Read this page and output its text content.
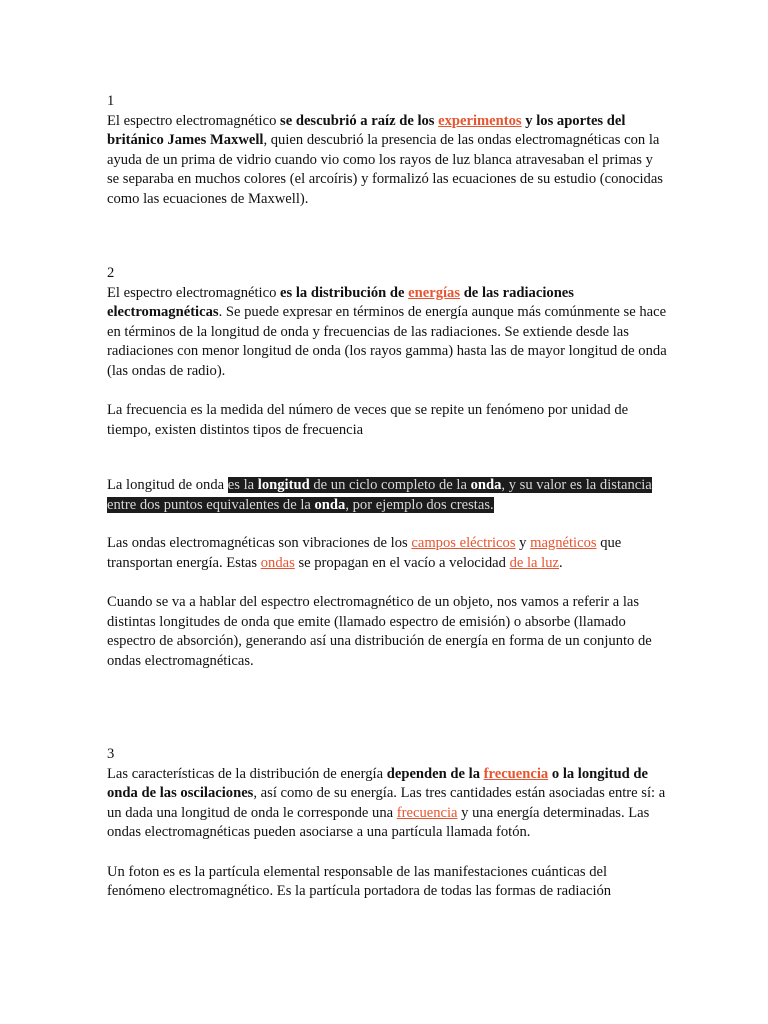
1

El espectro electromagnético se descubrió a raíz de los experimentos y los aportes del británico James Maxwell, quien descubrió la presencia de las ondas electromagnéticas con la ayuda de un prima de vidrio cuando vio como los rayos de luz blanca atravesaban el primas y se separaba en muchos colores (el arcoíris) y formalizó las ecuaciones de su estudio (conocidas como las ecuaciones de Maxwell).

2

El espectro electromagnético es la distribución de energías de las radiaciones electromagnéticas. Se puede expresar en términos de energía aunque más comúnmente se hace en términos de la longitud de onda y frecuencias de las radiaciones. Se extiende desde las radiaciones con menor longitud de onda (los rayos gamma) hasta las de mayor longitud de onda (las ondas de radio).

La frecuencia es la medida del número de veces que se repite un fenómeno por unidad de tiempo, existen distintos tipos de frecuencia

La longitud de onda es la longitud de un ciclo completo de la onda, y su valor es la distancia entre dos puntos equivalentes de la onda, por ejemplo dos crestas.

Las ondas electromagnéticas son vibraciones de los campos eléctricos y magnéticos que transportan energía. Estas ondas se propagan en el vacío a velocidad de la luz.

Cuando se va a hablar del espectro electromagnético de un objeto, nos vamos a referir a las distintas longitudes de onda que emite (llamado espectro de emisión) o absorbe (llamado espectro de absorción), generando así una distribución de energía en forma de un conjunto de ondas electromagnéticas.

3

Las características de la distribución de energía dependen de la frecuencia o la longitud de onda de las oscilaciones, así como de su energía. Las tres cantidades están asociadas entre sí: a un dada una longitud de onda le corresponde una frecuencia y una energía determinadas. Las ondas electromagnéticas pueden asociarse a una partícula llamada fotón.

Un foton es es la partícula elemental responsable de las manifestaciones cuánticas del fenómeno electromagnético. Es la partícula portadora de todas las formas de radiación
